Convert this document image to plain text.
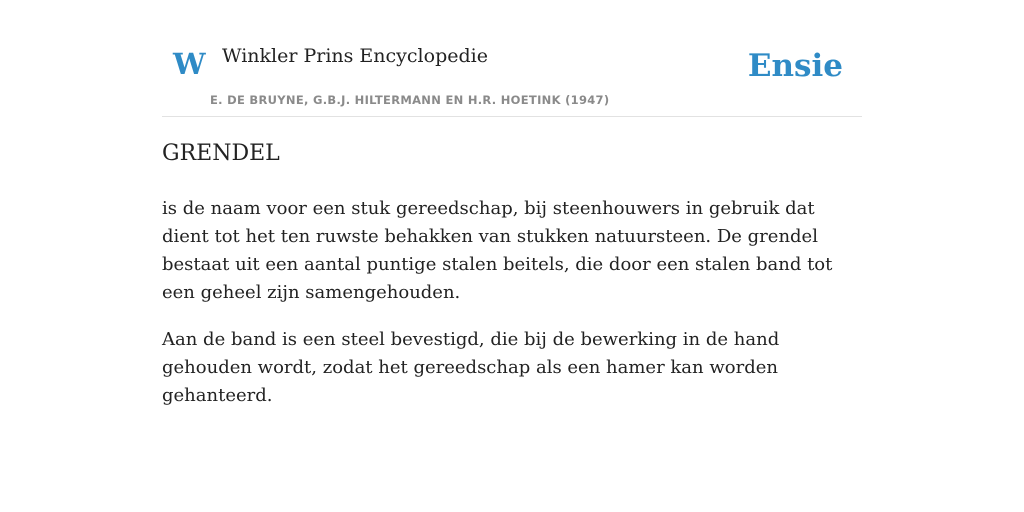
W Winkler Prins Encyclopedie
E. DE BRUYNE, G.B.J. HILTERMANN EN H.R. HOETINK (1947)
Ensie
GRENDEL

is de naam voor een stuk gereedschap, bij steenhouwers in gebruik dat dient tot het ten ruwste behakken van stukken natuursteen. De grendel bestaat uit een aantal puntige stalen beitels, die door een stalen band tot een geheel zijn samengehouden.

Aan de band is een steel bevestigd, die bij de bewerking in de hand gehouden wordt, zodat het gereedschap als een hamer kan worden gehanteerd.
